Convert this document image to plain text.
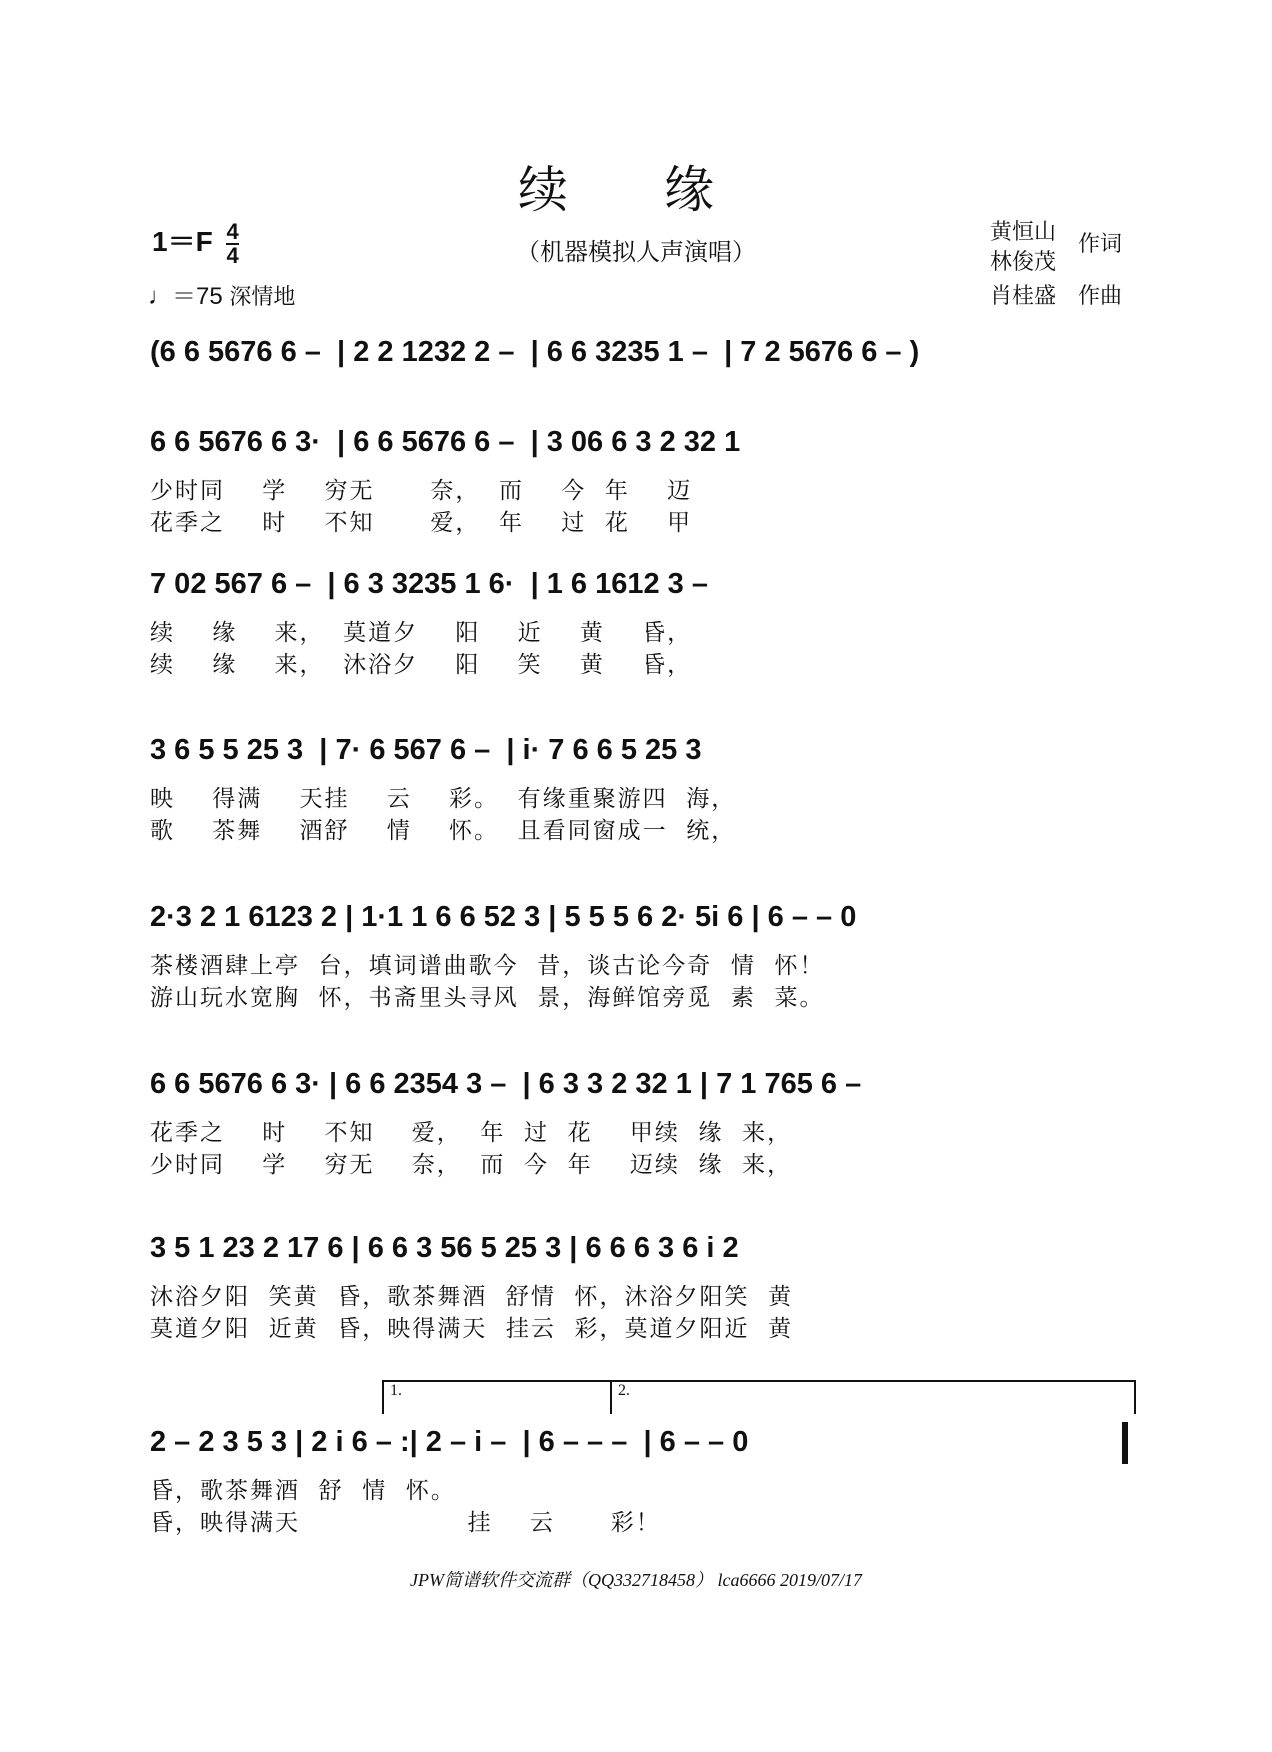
续 缘
（机器模拟人声演唱）
$1=F \frac{4}{4}$
♩＝75 深情地
黄恒山
林俊茂
作词
肖桂盛 作曲
(6 6 5676 6 –  | 2 2 1232 2 –  | 6 6 3235 1 –  | 7 2 5676 6 – )
6 6 5676 6 3·  | 6 6 5676 6 –  | 3 06 6 3 2 32 1
少时同    学    穷无      奈，  而    今  年    迈
花季之    时    不知      爱，  年    过  花    甲
7 02 567 6 –  | 6 3 3235 1 6·  | 1 6 1612 3 –
续    缘    来，  莫道夕    阳    近    黄    昏，
续    缘    来，  沐浴夕    阳    笑    黄    昏，
3 6 5 5 25 3  | 7· 6 567 6 –  | i· 7 6 6 5 25 3
映    得满    天挂    云    彩。  有缘重聚游四  海，
歌    茶舞    酒舒    情    怀。  且看同窗成一  统，
2·3 2 1 6123 2 | 1·1 1 6 6 52 3 | 5 5 5 6 2· 5i 6 | 6 – – 0
茶楼酒肆上亭  台，填词谱曲歌今  昔，谈古论今奇  情  怀！
游山玩水宽胸  怀，书斋里头寻风  景，海鲜馆旁觅  素  菜。
6 6 5676 6 3· | 6 6 2354 3 –  | 6 3 3 2 32 1 | 7 1 765 6 –
花季之    时    不知    爱，  年  过  花    甲续  缘  来，
少时同    学    穷无    奈，  而  今  年    迈续  缘  来，
3 5 1 23 2 17 6 | 6 6 3 56 5 25 3 | 6 6 6 3 6 i 2
沐浴夕阳  笑黄  昏，歌茶舞酒  舒情  怀，沐浴夕阳笑  黄
莫道夕阳  近黄  昏，映得满天  挂云  彩，莫道夕阳近  黄
1.	2.
2 – 2 3 5 3 | 2 i 6 – :| 2 – i –  | 6 – – –  | 6 – – 0
昏，歌茶舞酒  舒  情  怀。
昏，映得满天                  挂    云      彩！
JPW简谱软件交流群（QQ332718458） lca6666 2019/07/17
